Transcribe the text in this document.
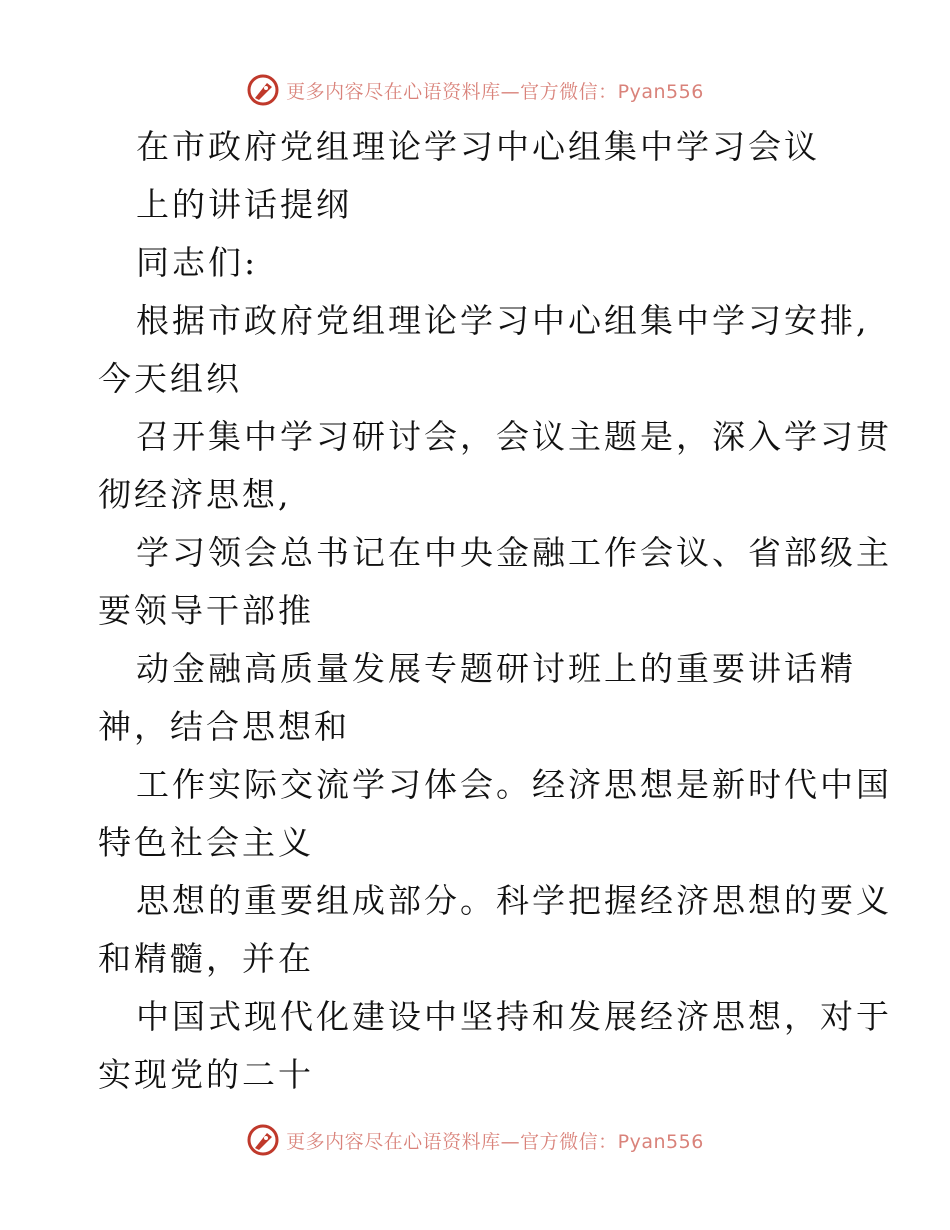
更多内容尽在心语资料库—官方微信：Pyan556
在市政府党组理论学习中心组集中学习会议
上的讲话提纲
同志们:
根据市政府党组理论学习中心组集中学习安排,
今天组织
召开集中学习研讨会，会议主题是，深入学习贯
彻经济思想,
学习领会总书记在中央金融工作会议、省部级主
要领导干部推
动金融高质量发展专题研讨班上的重要讲话精
神，结合思想和
工作实际交流学习体会。经济思想是新时代中国
特色社会主义
思想的重要组成部分。科学把握经济思想的要义
和精髓，并在
中国式现代化建设中坚持和发展经济思想，对于
实现党的二十
更多内容尽在心语资料库—官方微信：Pyan556
